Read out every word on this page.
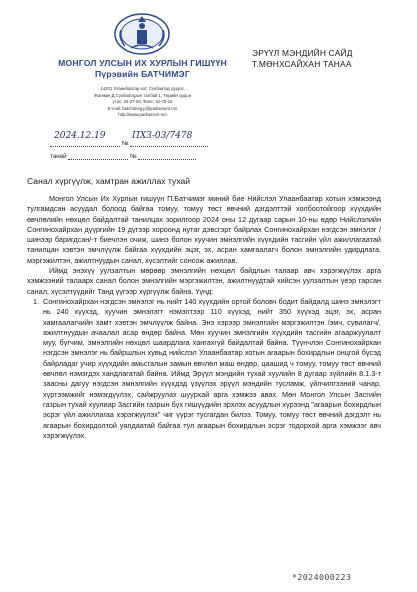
МОНГОЛ УЛСЫН ИХ ХУРЛЫН ГИШҮҮН
Пүрэвийн БАТЧИМЭГ
14201 Улаанбаатар хот, Сүхбаатар дүүрэг,
Жанжин Д.Сүхбаатарын талбай 1, Төрийн ордон
утас: 26-27-00, Факс: 32-70-16
E-mail: batchimeg.p@parliament.mn
http://www.parliament.mn
ЭРҮҮЛ МЭНДИЙН САЙД
Т.МӨНХСАЙХАН ТАНАА
№
2024.12.19	ПХЗ-03/7478
танай	№
Санал хүргүүлж, хамтран ажиллах тухай

Монгол Улсын Их Хурлын гишүүн П.Батчимэг миний бие Нийслэл Улаанбаатар хотын хэмжээнд тулгамдсан асуудал болоод байгаа томуу, томуу төст өвчний дэгдэлттэй холбоотойгоор хүүхдийн өвчлөлийн нөхцөл байдалтай танилцах зорилгоор 2024 оны 12 дугаар сарын 10-ны өдөр Нийслэлийн Сонгинохайрхан дүүргийн 19 дүгээр хороонд нутаг дэвсгэрт байрлах Сонгинохайрхан нэгдсэн эмнэлэг /шинээр баригдсан/-т биечлэн очиж, шинэ болон хуучин эмнэлгийн хүүхдийн тасгийн үйл ажиллагаатай танилцан хэвтэн эмчлүүлж байгаа хүүхдийн эцэг, эх, асран хамгаалагч болон эмнэлгийн удирдлага, мэргэжилтэн, ажилтнуудын санал, хүсэлтийг сонсож ажиллав.

Иймд энэхүү уулзалтын мөрөөр эмнэлгийн нөхцөл байдлын талаар авч хэрэгжүүлэх арга хэмжээний талаарх санал болон эмнэлгийн мэргэжилтэн, ажилтнуудтай хийсэн уулзалтын үеэр гарсан санал, хүсэлтүүдийг Танд үүгээр хүргүүлж байна. Үүнд:

1. Сонгинохайрхан нэгдсэн эмнэлэг нь нийт 140 хүүхдийн ортой боловч бодит байдалд шинэ эмнэлэгт нь 240 хүүхэд, хуучин эмнэлэгт нэмэлтээр 110 хүүхэд, нийт 350 хүүхэд эцэг, эх, асран хамгаалагчийн хамт хэвтэн эмчлүүлж байна. Энэ хэрээр эмнэлгийн мэргэжилтэн /эмч, сувилагч/, ажилтнуудын ачаалал асар өндөр байна. Мөн хуучин эмнэлгийн хүүхдийн тасгийн агааржуулалт муу, бүгчим, эмнэлгийн нөхцөл шаардлага хангахгүй байдалтай байна. Түүнчлэн Сонгинохайрхан нэгдсэн эмнэлэг нь байршлын хувьд нийслэл Улаанбаатар хотын агаарын бохирдлын онцгой бүсэд байрладаг учир хүүхдийн амьсгалын замын өвчлөл маш өндөр, цаашид ч томуу, томуу төст өвчний өвчлөл нэмэгдэх хандлагатай байна. Иймд Эрүүл мэндийн тухай хуулийн 8 дугаар зүйлийн 8.1.3-т заасны дагуу нэгдсэн эмнэлгийн хүүхдэд үзүүлэх эрүүл мэндийн тусламж, үйлчилгээний чанар, хүртээмжийг нэмэгдүүлэх, сайжруулах шуурхай арга хэмжээ авах. Мөн Монгол Улсын Засгийн газрын тухай хуулиар Засгийн газрын бүх гишүүдийн эрхлэх асуудлын хүрээнд "агаарын бохирдлын эсрэг үйл ажиллагаа хэрэгжүүлэх" чиг үүрэг тусгагдан билээ. Томуу, томуу төст өвчний дэгдэлт нь агаарын бохирдолтой уялдаатай байгаа тул агаарын бохирдлын эсрэг тодорхой арга хэмжээг авч хэрэгжүүлэх.
*2024000223
